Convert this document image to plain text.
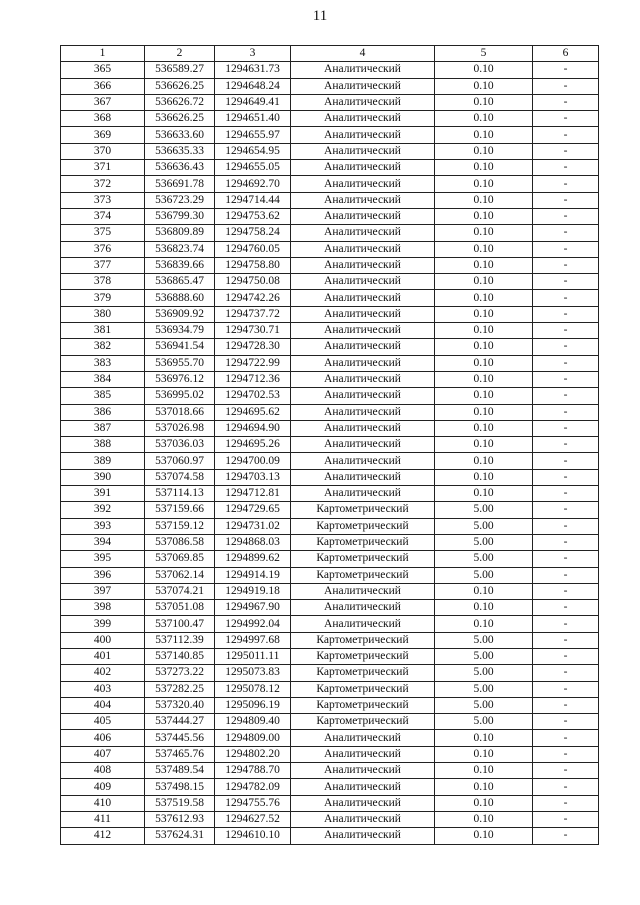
11
1	2	3	4	5	6
365	536589.27	1294631.73	Аналитический	0.10	-
366	536626.25	1294648.24	Аналитический	0.10	-
367	536626.72	1294649.41	Аналитический	0.10	-
368	536626.25	1294651.40	Аналитический	0.10	-
369	536633.60	1294655.97	Аналитический	0.10	-
370	536635.33	1294654.95	Аналитический	0.10	-
371	536636.43	1294655.05	Аналитический	0.10	-
372	536691.78	1294692.70	Аналитический	0.10	-
373	536723.29	1294714.44	Аналитический	0.10	-
374	536799.30	1294753.62	Аналитический	0.10	-
375	536809.89	1294758.24	Аналитический	0.10	-
376	536823.74	1294760.05	Аналитический	0.10	-
377	536839.66	1294758.80	Аналитический	0.10	-
378	536865.47	1294750.08	Аналитический	0.10	-
379	536888.60	1294742.26	Аналитический	0.10	-
380	536909.92	1294737.72	Аналитический	0.10	-
381	536934.79	1294730.71	Аналитический	0.10	-
382	536941.54	1294728.30	Аналитический	0.10	-
383	536955.70	1294722.99	Аналитический	0.10	-
384	536976.12	1294712.36	Аналитический	0.10	-
385	536995.02	1294702.53	Аналитический	0.10	-
386	537018.66	1294695.62	Аналитический	0.10	-
387	537026.98	1294694.90	Аналитический	0.10	-
388	537036.03	1294695.26	Аналитический	0.10	-
389	537060.97	1294700.09	Аналитический	0.10	-
390	537074.58	1294703.13	Аналитический	0.10	-
391	537114.13	1294712.81	Аналитический	0.10	-
392	537159.66	1294729.65	Картометрический	5.00	-
393	537159.12	1294731.02	Картометрический	5.00	-
394	537086.58	1294868.03	Картометрический	5.00	-
395	537069.85	1294899.62	Картометрический	5.00	-
396	537062.14	1294914.19	Картометрический	5.00	-
397	537074.21	1294919.18	Аналитический	0.10	-
398	537051.08	1294967.90	Аналитический	0.10	-
399	537100.47	1294992.04	Аналитический	0.10	-
400	537112.39	1294997.68	Картометрический	5.00	-
401	537140.85	1295011.11	Картометрический	5.00	-
402	537273.22	1295073.83	Картометрический	5.00	-
403	537282.25	1295078.12	Картометрический	5.00	-
404	537320.40	1295096.19	Картометрический	5.00	-
405	537444.27	1294809.40	Картометрический	5.00	-
406	537445.56	1294809.00	Аналитический	0.10	-
407	537465.76	1294802.20	Аналитический	0.10	-
408	537489.54	1294788.70	Аналитический	0.10	-
409	537498.15	1294782.09	Аналитический	0.10	-
410	537519.58	1294755.76	Аналитический	0.10	-
411	537612.93	1294627.52	Аналитический	0.10	-
412	537624.31	1294610.10	Аналитический	0.10	-
